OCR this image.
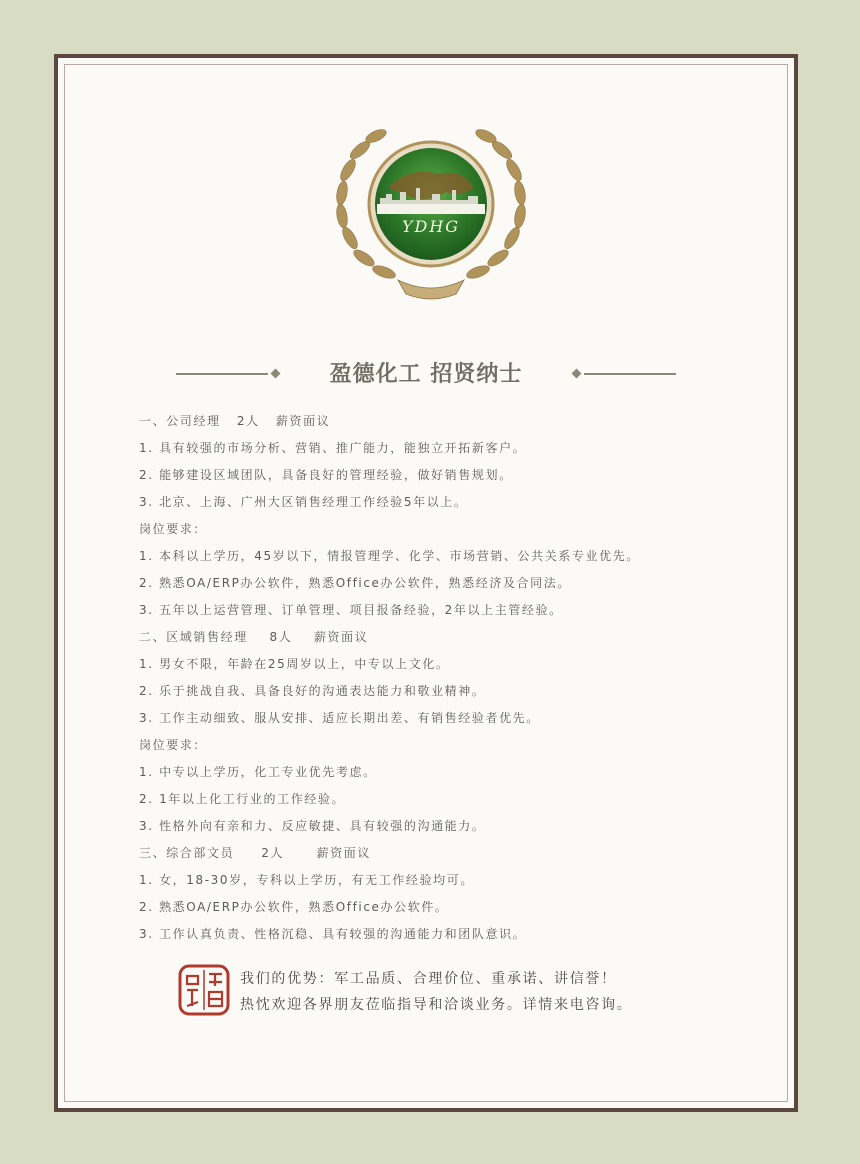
YDHG
盈德化工 招贤纳士
一、公司经理   2人   薪资面议
1. 具有较强的市场分析、营销、推广能力，能独立开拓新客户。
2. 能够建设区域团队，具备良好的管理经验，做好销售规划。
3. 北京、上海、广州大区销售经理工作经验5年以上。
岗位要求：
1. 本科以上学历，45岁以下，情报管理学、化学、市场营销、公共关系专业优先。
2. 熟悉OA/ERP办公软件，熟悉Office办公软件，熟悉经济及合同法。
3. 五年以上运营管理、订单管理、项目报备经验，2年以上主管经验。
二、区域销售经理    8人    薪资面议
1. 男女不限，年龄在25周岁以上，中专以上文化。
2. 乐于挑战自我、具备良好的沟通表达能力和敬业精神。
3. 工作主动细致、服从安排、适应长期出差、有销售经验者优先。
岗位要求：
1. 中专以上学历，化工专业优先考虑。
2. 1年以上化工行业的工作经验。
3. 性格外向有亲和力、反应敏捷、具有较强的沟通能力。
三、综合部文员     2人      薪资面议
1. 女，18-30岁，专科以上学历，有无工作经验均可。
2. 熟悉OA/ERP办公软件，熟悉Office办公软件。
3. 工作认真负责、性格沉稳、具有较强的沟通能力和团队意识。
我们的优势：军工品质、合理价位、重承诺、讲信誉！
热忱欢迎各界朋友莅临指导和洽谈业务。详情来电咨询。
